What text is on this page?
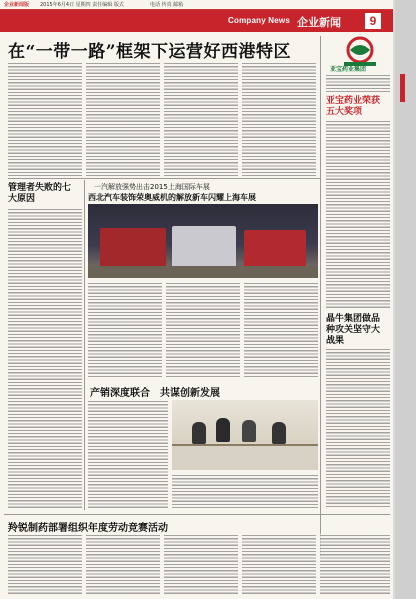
企业新闻版 2015年6月4日 星期四 责任编辑 版式	电话 传真 邮箱
Company News 企业新闻	9
在“一带一路”框架下运营好西港特区
亚宝药业集团
管理者失败的七大原因
一汽解放强势出击2015上海国际车展
西北汽车装饰荣奥威机的解放新车闪耀上海车展
产销深度联合　共谋创新发展
亚宝药业荣获五大奖项
晶牛集团做品种攻关坚守大战果
羚锐制药部署组织年度劳动竞赛活动
